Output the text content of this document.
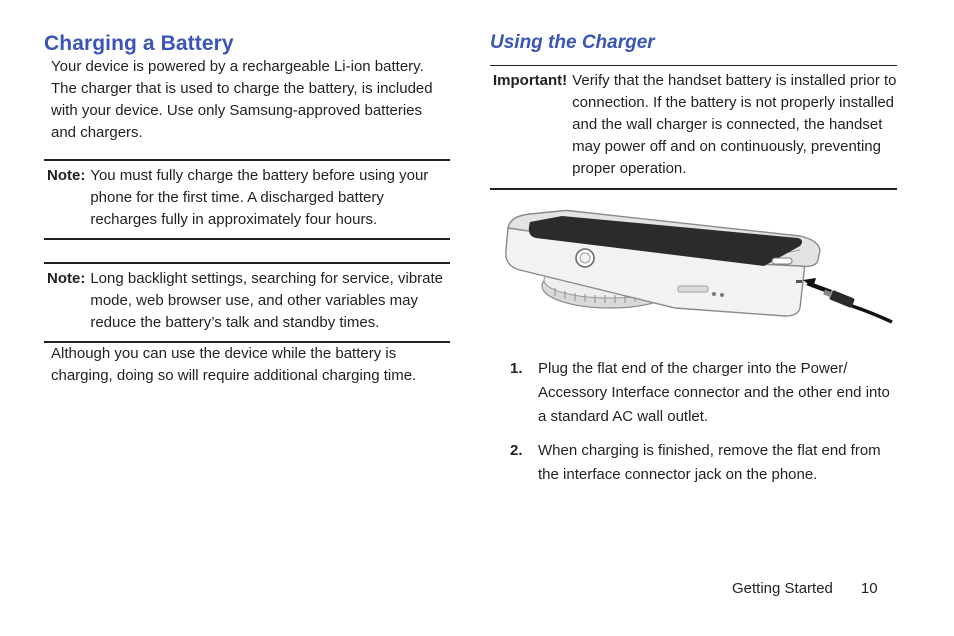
Charging a Battery

Your device is powered by a rechargeable Li-ion battery. The charger that is used to charge the battery, is included with your device. Use only Samsung-approved batteries and chargers.

Note: You must fully charge the battery before using your phone for the first time. A discharged battery recharges fully in approximately four hours.
Note: Long backlight settings, searching for service, vibrate mode, web browser use, and other variables may reduce the battery’s talk and standby times.

Although you can use the device while the battery is charging, doing so will require additional charging time.

Using the Charger
Important! Verify that the handset battery is installed prior to connection. If the battery is not properly installed and the wall charger is connected, the handset may power off and on continuously, preventing proper operation.
1.	Plug the flat end of the charger into the Power/ Accessory Interface connector and the other end into a standard AC wall outlet.
2.	When charging is finished, remove the flat end from the interface connector jack on the phone.
Getting Started 10
